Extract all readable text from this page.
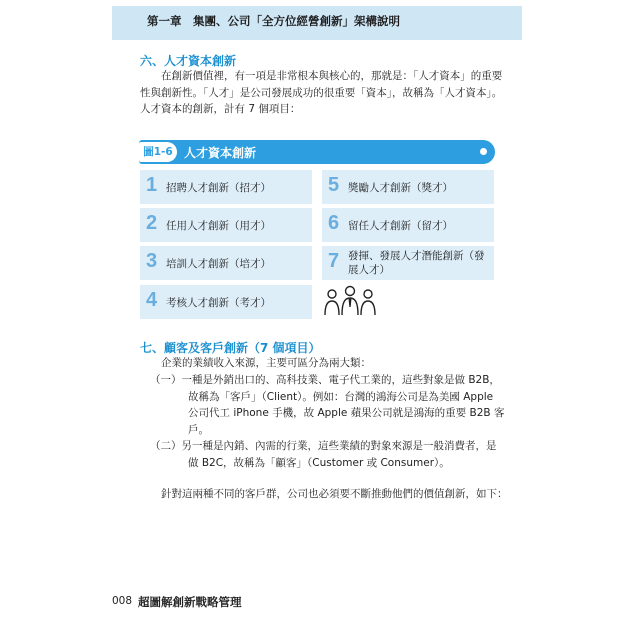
第一章　集團、公司「全方位經營創新」架構說明
六、人才資本創新
在創新價值裡，有一項是非常根本與核心的，那就是：「人才資本」的重要
性與創新性。「人才」是公司發展成功的很重要「資本」，故稱為「人才資本」。
人才資本的創新，計有 7 個項目：
圖1-6 人才資本創新
1 招聘人才創新（招才）
2 任用人才創新（用才）
3 培訓人才創新（培才）
4 考核人才創新（考才）
5 獎勵人才創新（獎才）
6 留任人才創新（留才）
7 發揮、發展人才潛能創新（發展人才）
七、顧客及客戶創新（7 個項目）
企業的業績收入來源，主要可區分為兩大類：
（一）一種是外銷出口的、高科技業、電子代工業的，這些對象是做 B2B，
故稱為「客戶」（Client）。例如：台灣的鴻海公司是為美國 Apple
公司代工 iPhone 手機，故 Apple 蘋果公司就是鴻海的重要 B2B 客
戶。
（二）另一種是內銷、內需的行業，這些業績的對象來源是一般消費者，是
做 B2C，故稱為「顧客」（Customer 或 Consumer）。
針對這兩種不同的客戶群，公司也必須要不斷推動他們的價值創新，如下：
008 超圖解創新戰略管理
